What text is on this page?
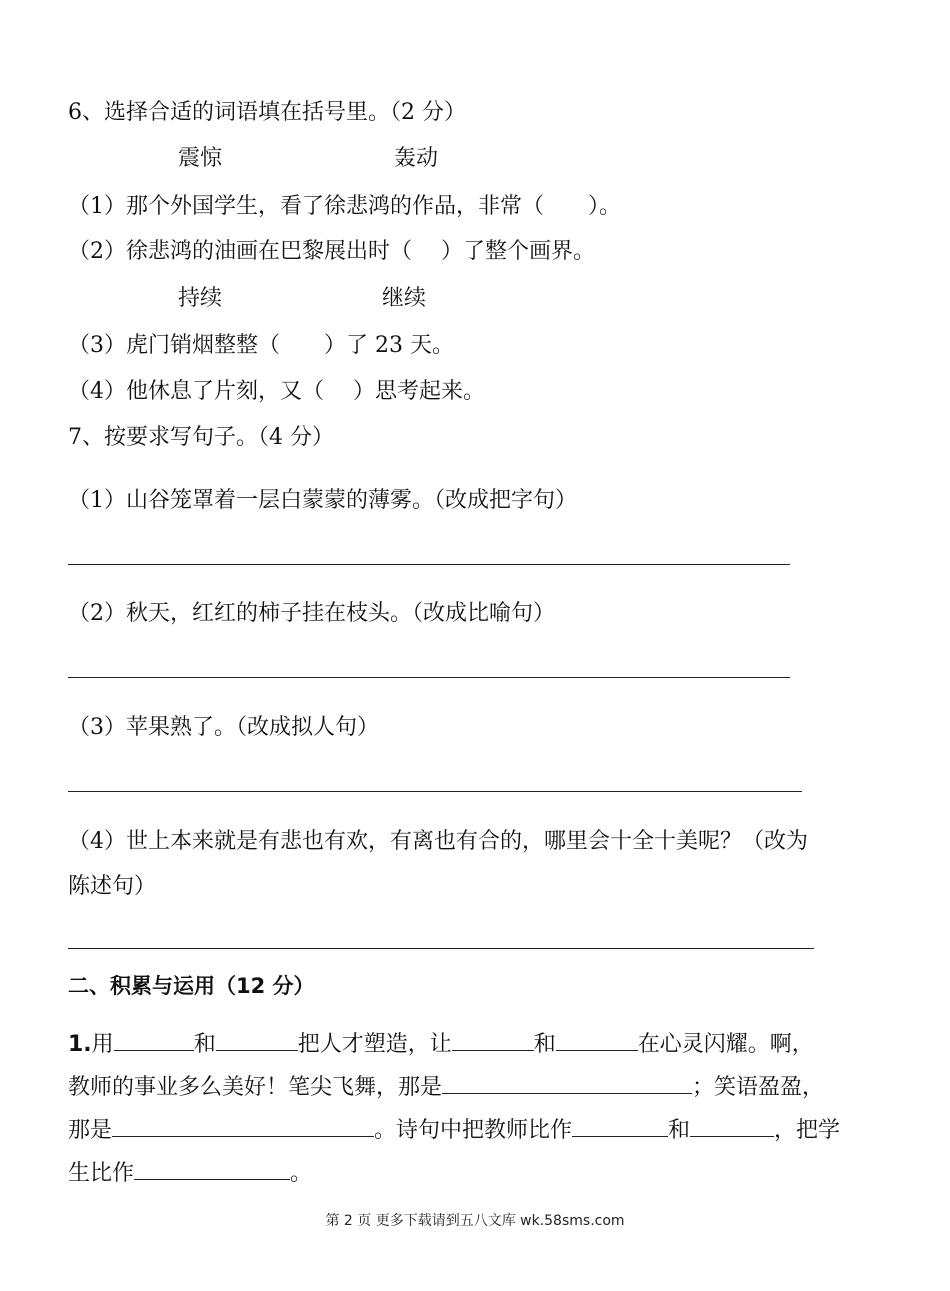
6、选择合适的词语填在括号里。（2 分）
震惊	轰动
（1）那个外国学生，看了徐悲鸿的作品，非常（　　）。
（2）徐悲鸿的油画在巴黎展出时（　 ）了整个画界。
持续	继续
（3）虎门销烟整整（　　）了 23 天。
（4）他休息了片刻，又（　 ）思考起来。
7、按要求写句子。（4 分）
（1）山谷笼罩着一层白蒙蒙的薄雾。（改成把字句）
（2）秋天，红红的柿子挂在枝头。（改成比喻句）
（3）苹果熟了。（改成拟人句）
（4）世上本来就是有悲也有欢，有离也有合的，哪里会十全十美呢？（改为
陈述句）
二、积累与运用（12 分）
1.用	和	把人才塑造，让	和	在心灵闪耀。啊，
教师的事业多么美好！笔尖飞舞，那是	；笑语盈盈，
那是	。诗句中把教师比作	和	，把学
生比作	。
第 2 页 更多下载请到五八文库 wk.58sms.com
